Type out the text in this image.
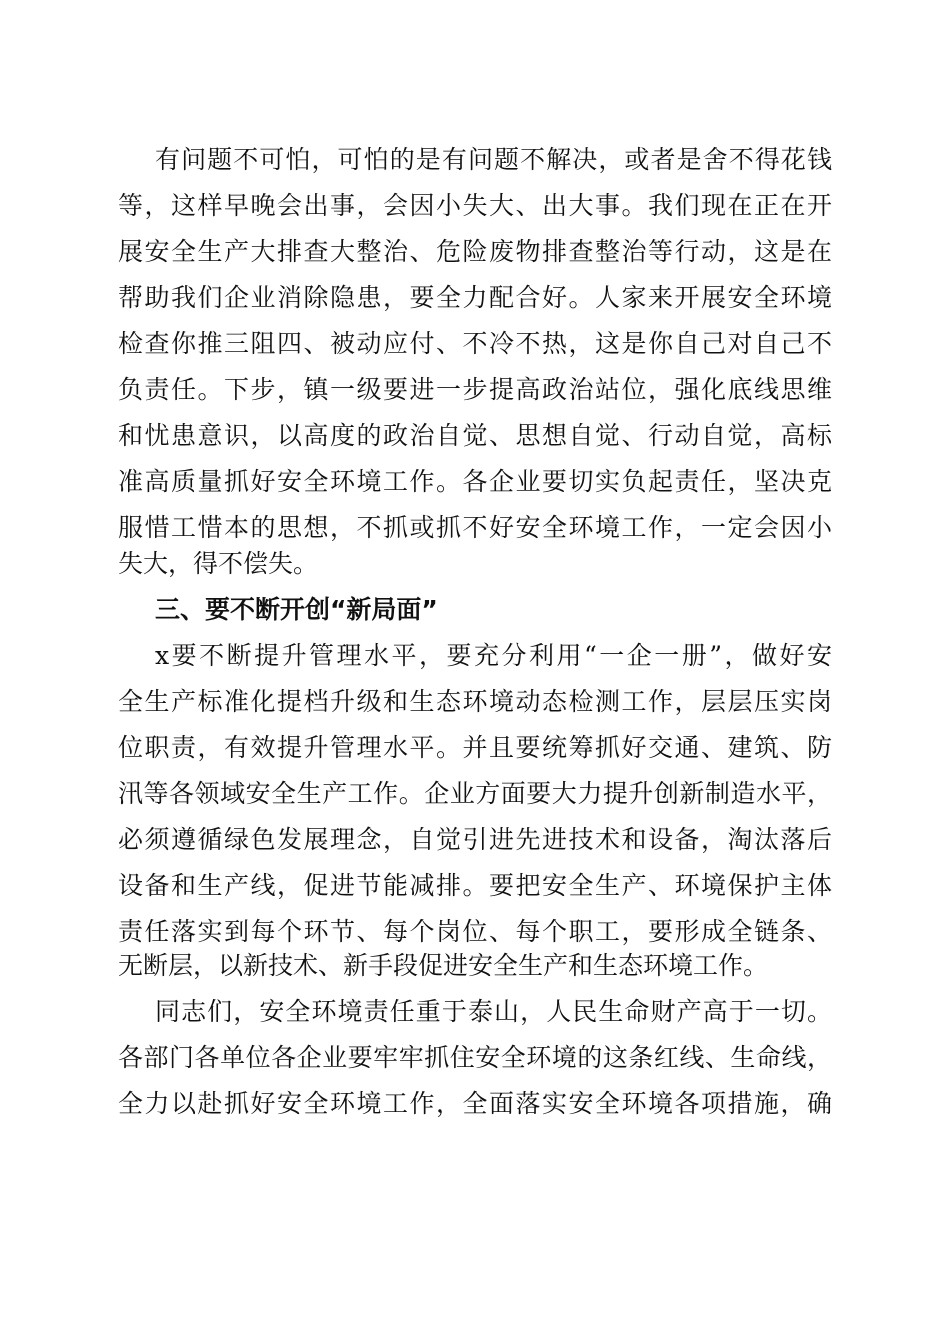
有问题不可怕，可怕的是有问题不解决，或者是舍不得花钱
等，这样早晚会出事，会因小失大、出大事。我们现在正在开
展安全生产大排查大整治、危险废物排查整治等行动，这是在
帮助我们企业消除隐患，要全力配合好。人家来开展安全环境
检查你推三阻四、被动应付、不冷不热，这是你自己对自己不
负责任。下步，镇一级要进一步提高政治站位，强化底线思维
和忧患意识，以高度的政治自觉、思想自觉、行动自觉，高标
准高质量抓好安全环境工作。各企业要切实负起责任，坚决克
服惜工惜本的思想，不抓或抓不好安全环境工作，一定会因小
失大，得不偿失。
三、要不断开创“新局面”
x要不断提升管理水平，要充分利用“一企一册”，做好安
全生产标准化提档升级和生态环境动态检测工作，层层压实岗
位职责，有效提升管理水平。并且要统筹抓好交通、建筑、防
汛等各领域安全生产工作。企业方面要大力提升创新制造水平，
必须遵循绿色发展理念，自觉引进先进技术和设备，淘汰落后
设备和生产线，促进节能减排。要把安全生产、环境保护主体
责任落实到每个环节、每个岗位、每个职工，要形成全链条、
无断层，以新技术、新手段促进安全生产和生态环境工作。
同志们，安全环境责任重于泰山，人民生命财产高于一切。
各部门各单位各企业要牢牢抓住安全环境的这条红线、生命线，
全力以赴抓好安全环境工作，全面落实安全环境各项措施，确
